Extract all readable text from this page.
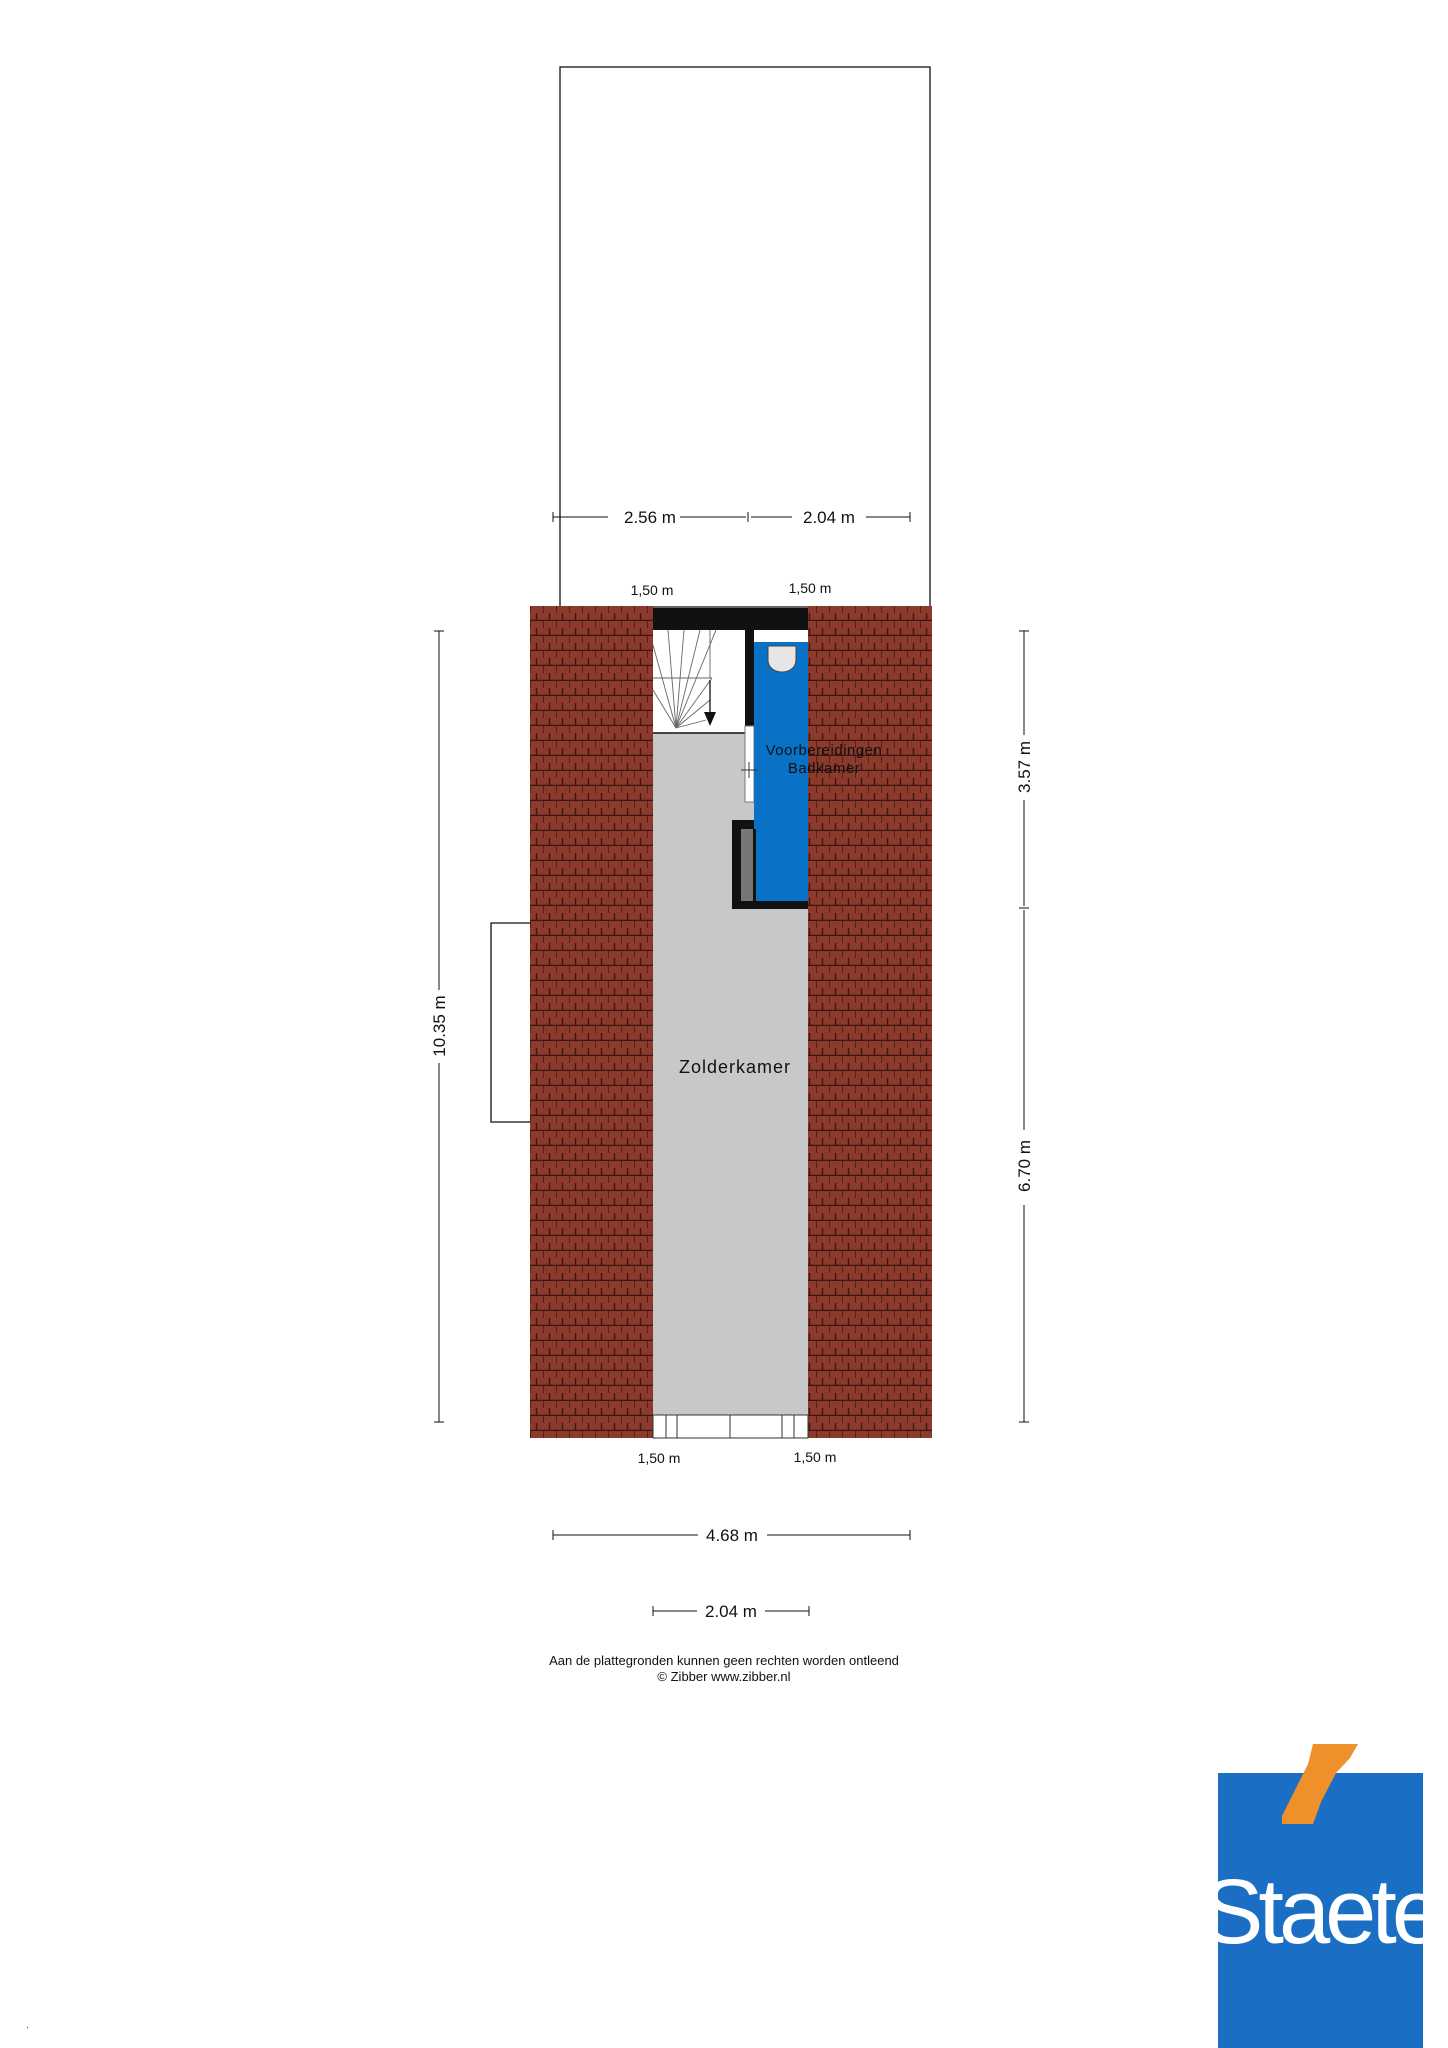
Voorbereidingen
Badkamer
Zolderkamer
2.56 m	2.04 m
1,50 m	1,50 m
1,50 m	1,50 m
10.35 m
3.57 m
6.70 m
4.68 m
2.04 m
Aan de plattegronden kunnen geen rechten worden ontleend
© Zibber www.zibber.nl
Staete
.
